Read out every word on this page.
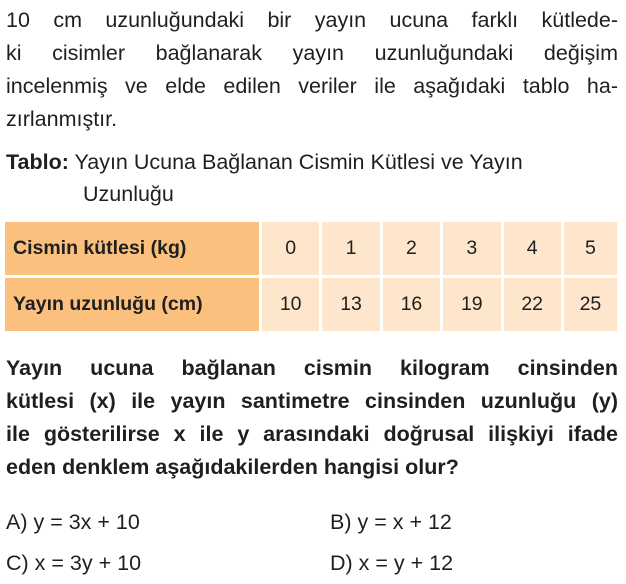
10 cm uzunluğundaki bir yayın ucuna farklı kütlede-
ki cisimler bağlanarak yayın uzunluğundaki değişim
incelenmiş ve elde edilen veriler ile aşağıdaki tablo ha-
zırlanmıştır.
Tablo: Yayın Ucuna Bağlanan Cismin Kütlesi ve Yayın
Uzunluğu
Cismin kütlesi (kg)	0	1	2	3	4	5
Yayın uzunluğu (cm)	10	13	16	19	22	25
Yayın ucuna bağlanan cismin kilogram cinsinden
kütlesi (x) ile yayın santimetre cinsinden uzunluğu (y)
ile gösterilirse x ile y arasındaki doğrusal ilişkiyi ifade
eden denklem aşağıdakilerden hangisi olur?
A) y = 3x + 10	B) y = x + 12
C) x = 3y + 10	D) x = y + 12
